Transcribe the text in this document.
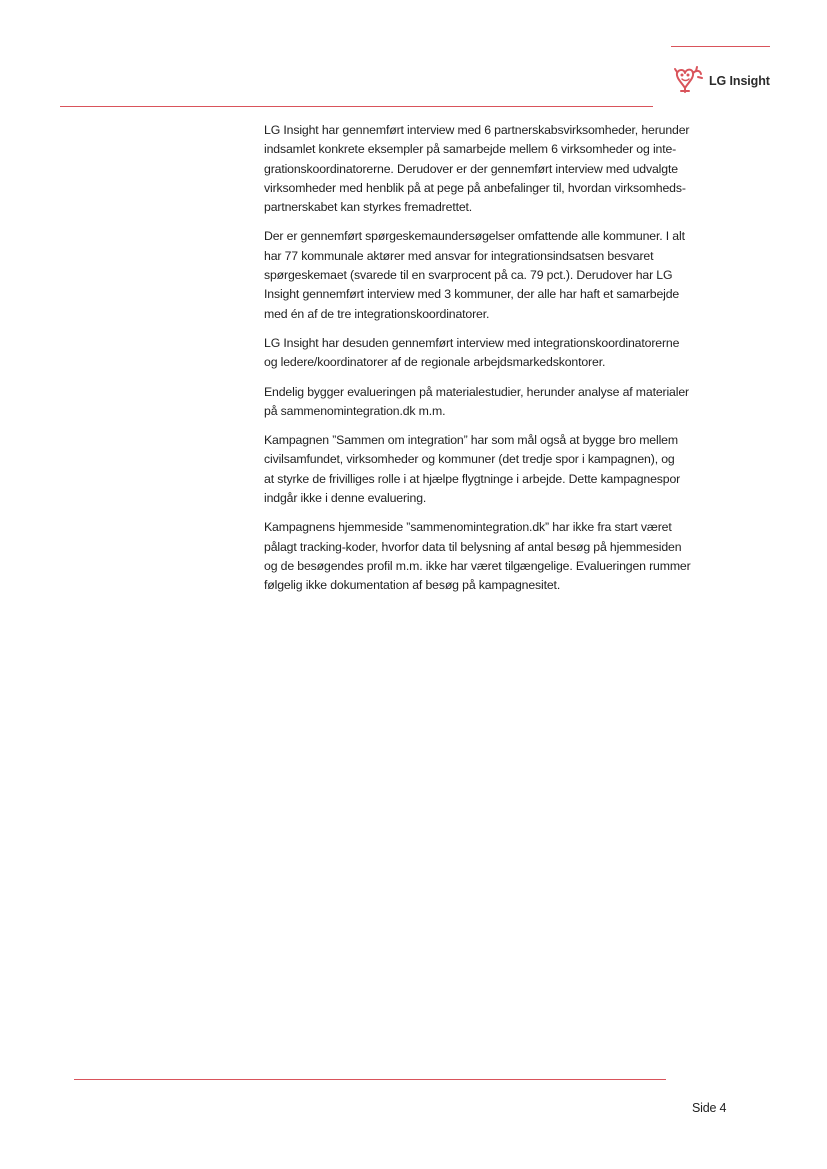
LG Insight

LG Insight har gennemført interview med 6 partnerskabsvirksomheder, herunder
indsamlet konkrete eksempler på samarbejde mellem 6 virksomheder og inte-
grationskoordinatorerne. Derudover er der gennemført interview med udvalgte
virksomheder med henblik på at pege på anbefalinger til, hvordan virksomheds-
partnerskabet kan styrkes fremadrettet.

Der er gennemført spørgeskemaundersøgelser omfattende alle kommuner. I alt
har 77 kommunale aktører med ansvar for integrationsindsatsen besvaret
spørgeskemaet (svarede til en svarprocent på ca. 79 pct.). Derudover har LG
Insight gennemført interview med 3 kommuner, der alle har haft et samarbejde
med én af de tre integrationskoordinatorer.

LG Insight har desuden gennemført interview med integrationskoordinatorerne
og ledere/koordinatorer af de regionale arbejdsmarkedskontorer.

Endelig bygger evalueringen på materialestudier, herunder analyse af materialer
på sammenomintegration.dk m.m.

Kampagnen ”Sammen om integration” har som mål også at bygge bro mellem
civilsamfundet, virksomheder og kommuner (det tredje spor i kampagnen), og
at styrke de frivilliges rolle i at hjælpe flygtninge i arbejde. Dette kampagnespor
indgår ikke i denne evaluering.

Kampagnens hjemmeside ”sammenomintegration.dk” har ikke fra start været
pålagt tracking-koder, hvorfor data til belysning af antal besøg på hjemmesiden
og de besøgendes profil m.m. ikke har været tilgængelige. Evalueringen rummer
følgelig ikke dokumentation af besøg på kampagnesitet.

Side 4
